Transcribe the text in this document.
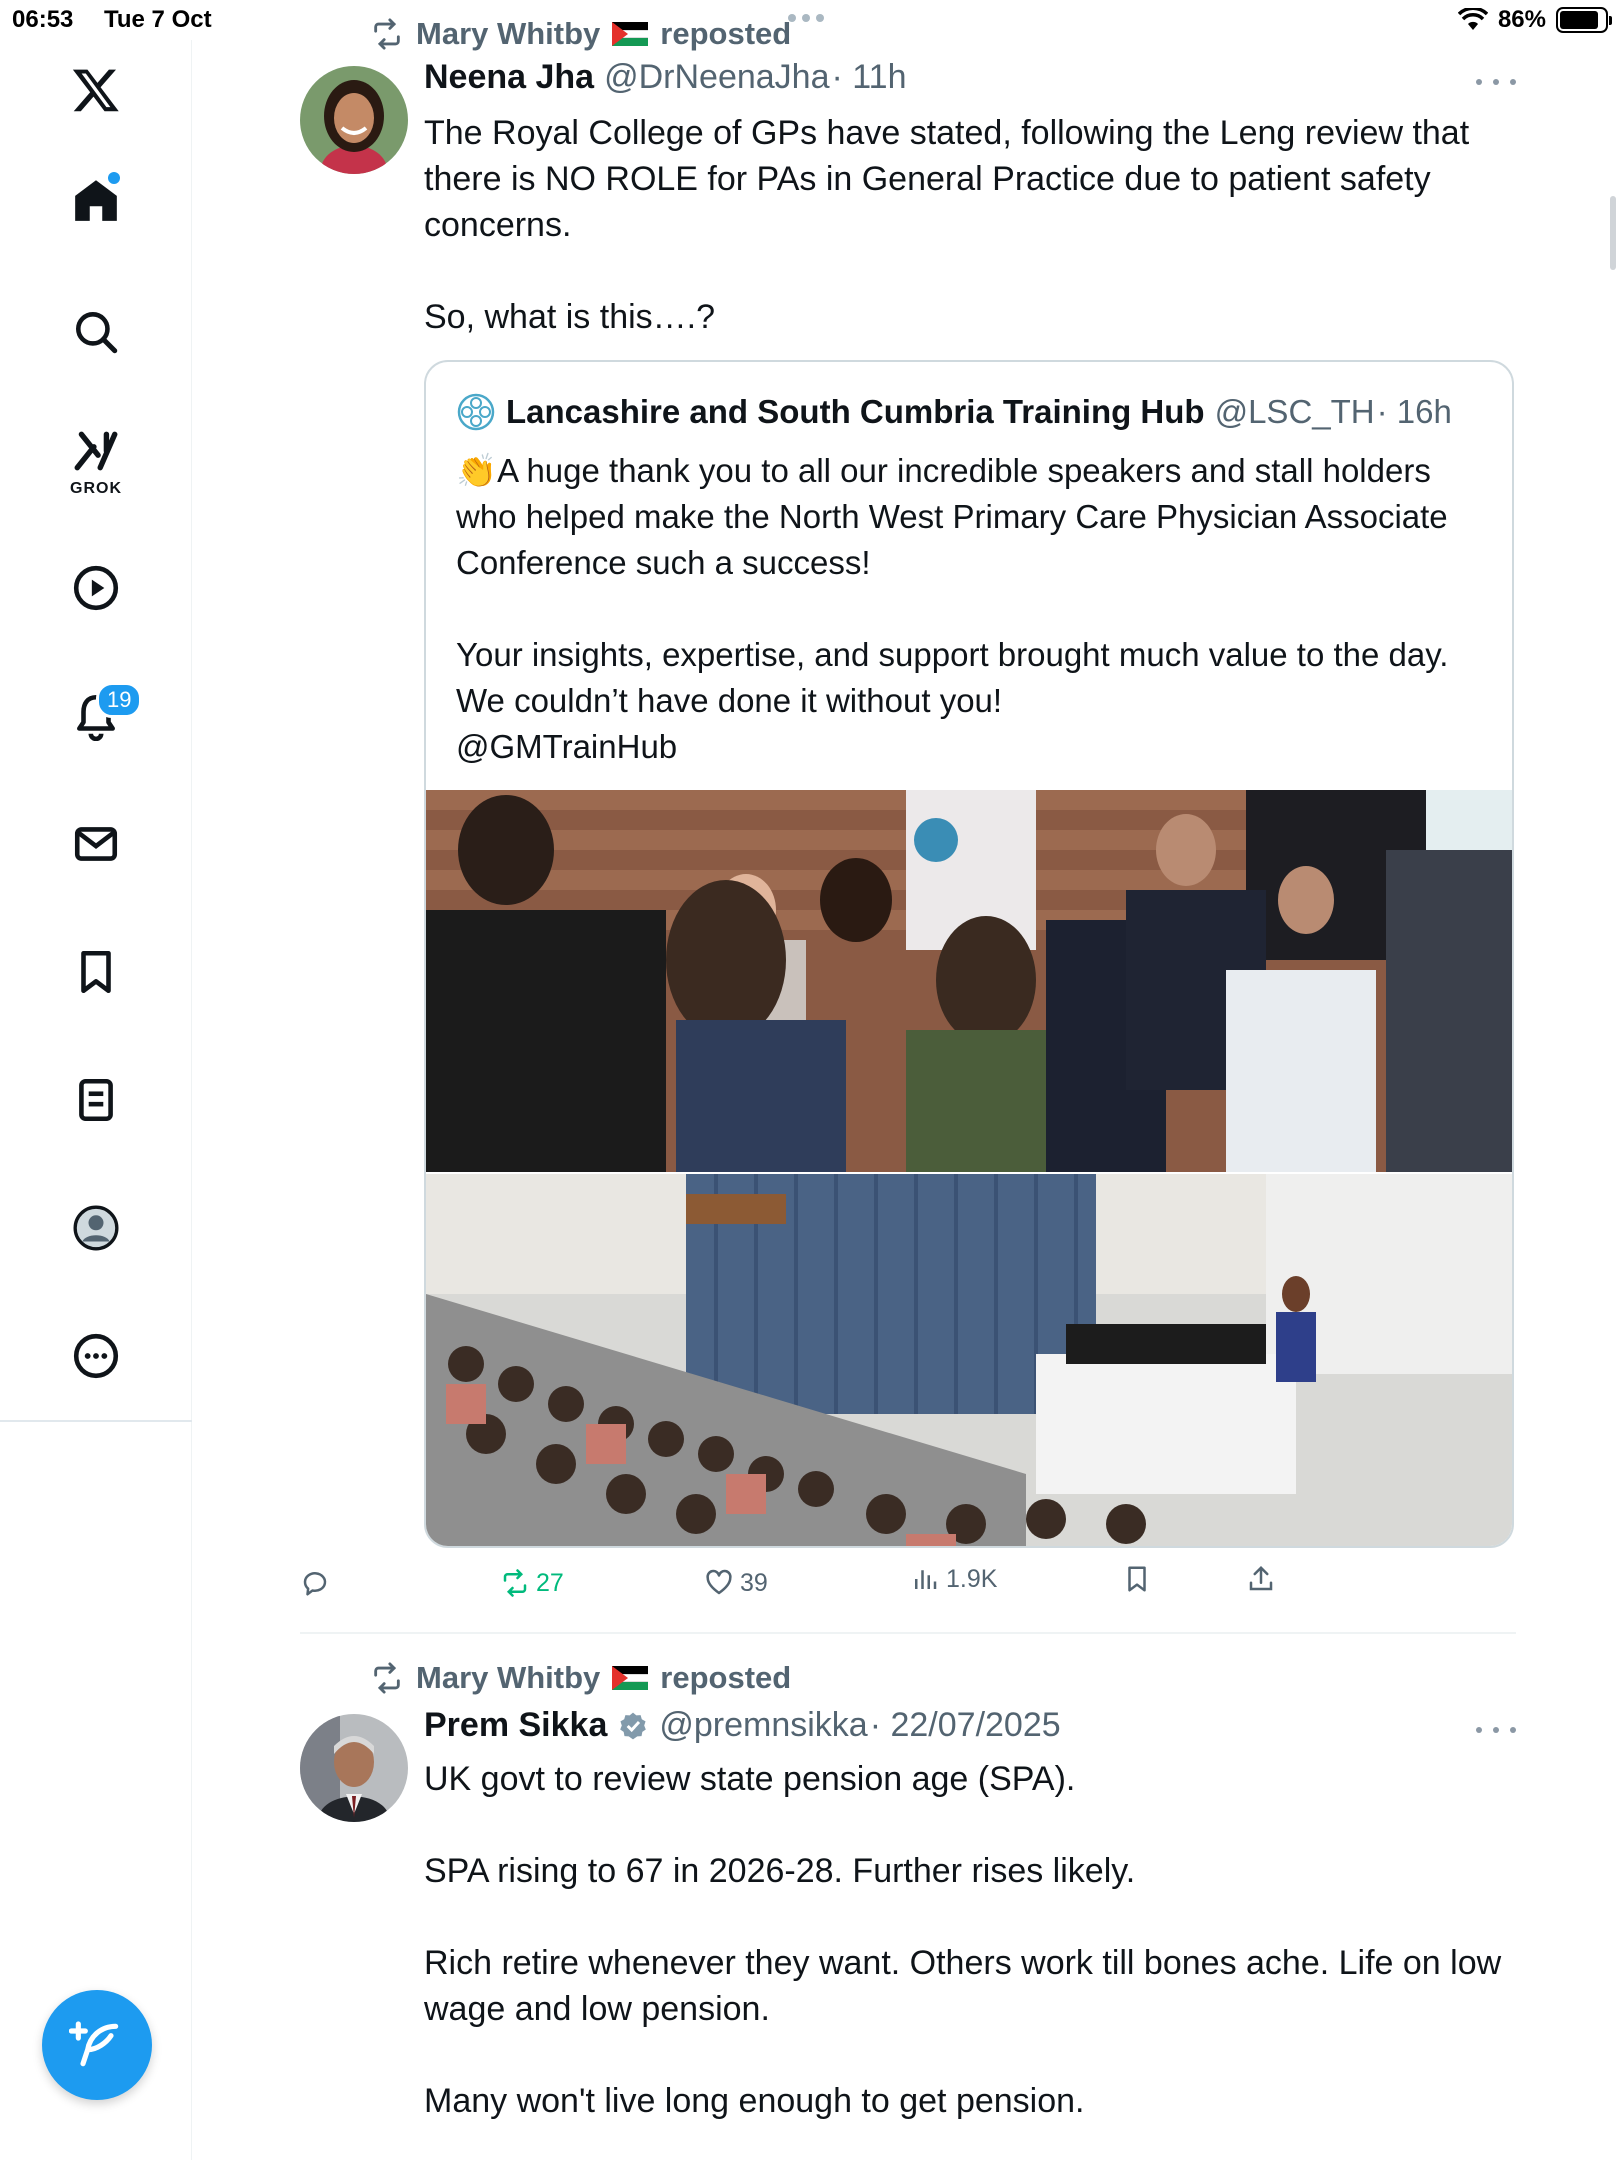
06:53 Tue 7 Oct	86%
GROK
19
Mary Whitby reposted
Neena Jha @DrNeenaJha · 11h

The Royal College of GPs have stated, following the Leng review that there is NO ROLE for PAs in General Practice due to patient safety concerns.

So, what is this….?

Lancashire and South Cumbria Training Hub @LSC_TH · 16h

👏A huge thank you to all our incredible speakers and stall holders who helped make the North West Primary Care Physician Associate Conference such a success!

Your insights, expertise, and support brought much value to the day. We couldn’t have done it without you!
@GMTrainHub

27	39	1.9K
Mary Whitby reposted
Prem Sikka @premnsikka · 22/07/2025

UK govt to review state pension age (SPA).

SPA rising to 67 in 2026-28. Further rises likely.

Rich retire whenever they want. Others work till bones ache. Life on low wage and low pension.

Many won't live long enough to get pension.
